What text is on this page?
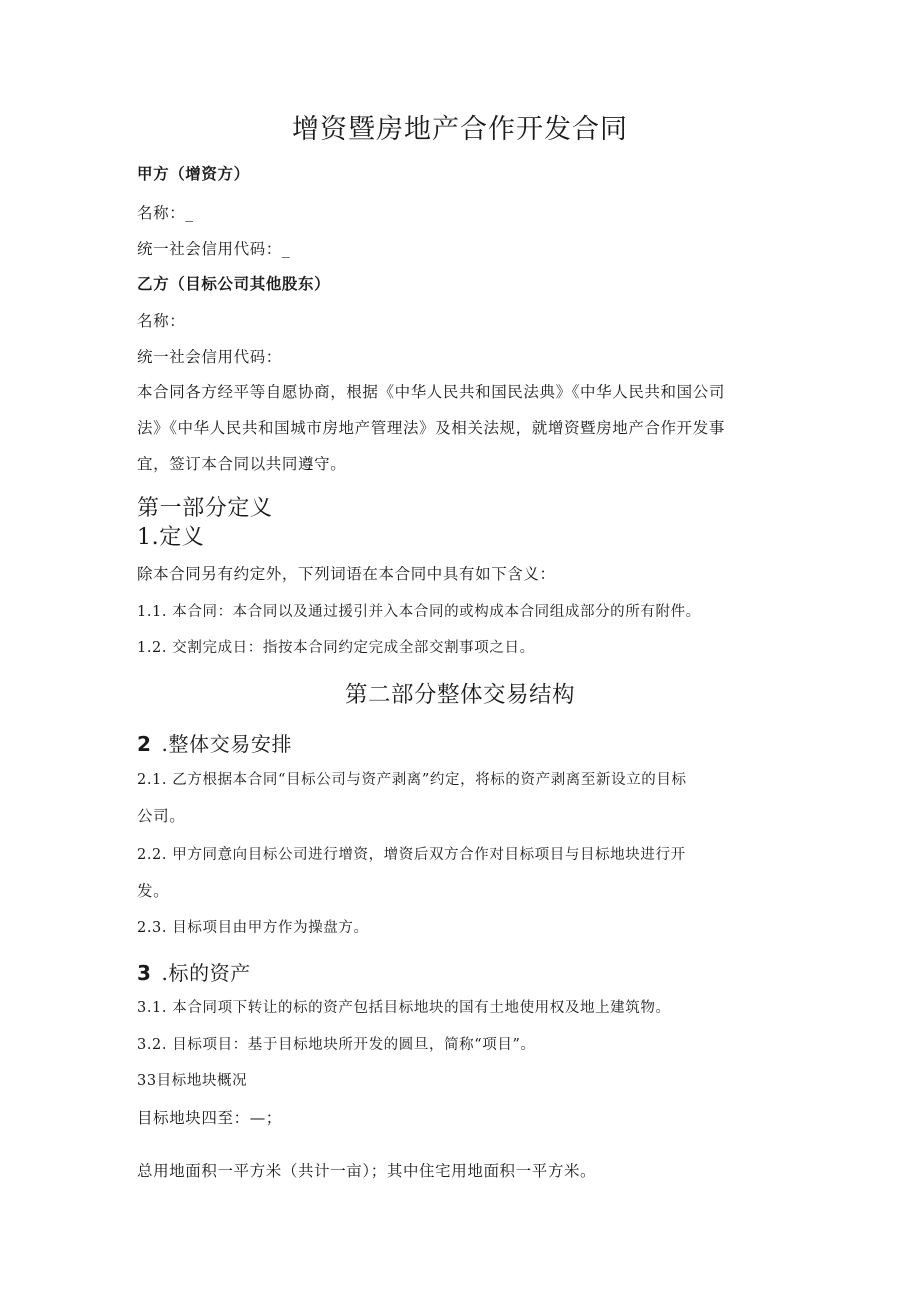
增资暨房地产合作开发合同
甲方（增资方）
名称：_
统一社会信用代码：_
乙方（目标公司其他股东）
名称：
统一社会信用代码：
本合同各方经平等自愿协商，根据《中华人民共和国民法典》《中华人民共和国公司
法》《中华人民共和国城市房地产管理法》及相关法规，就增资暨房地产合作开发事
宜，签订本合同以共同遵守。
第一部分定义
1.定义
除本合同另有约定外，下列词语在本合同中具有如下含义：
1.1. 本合同：本合同以及通过援引并入本合同的或构成本合同组成部分的所有附件。
1.2. 交割完成日：指按本合同约定完成全部交割事项之日。
第二部分整体交易结构
2 .整体交易安排
2.1. 乙方根据本合同“目标公司与资产剥离”约定，将标的资产剥离至新设立的目标
公司。
2.2. 甲方同意向目标公司进行增资，增资后双方合作对目标项目与目标地块进行开
发。
2.3. 目标项目由甲方作为操盘方。
3 .标的资产
3.1. 本合同项下转让的标的资产包括目标地块的国有土地使用权及地上建筑物。
3.2. 目标项目：基于目标地块所开发的圆旦，简称“项目”。
33目标地块概况
目标地块四至：—；
总用地面积一平方米（共计一亩）；其中住宅用地面积一平方米。
